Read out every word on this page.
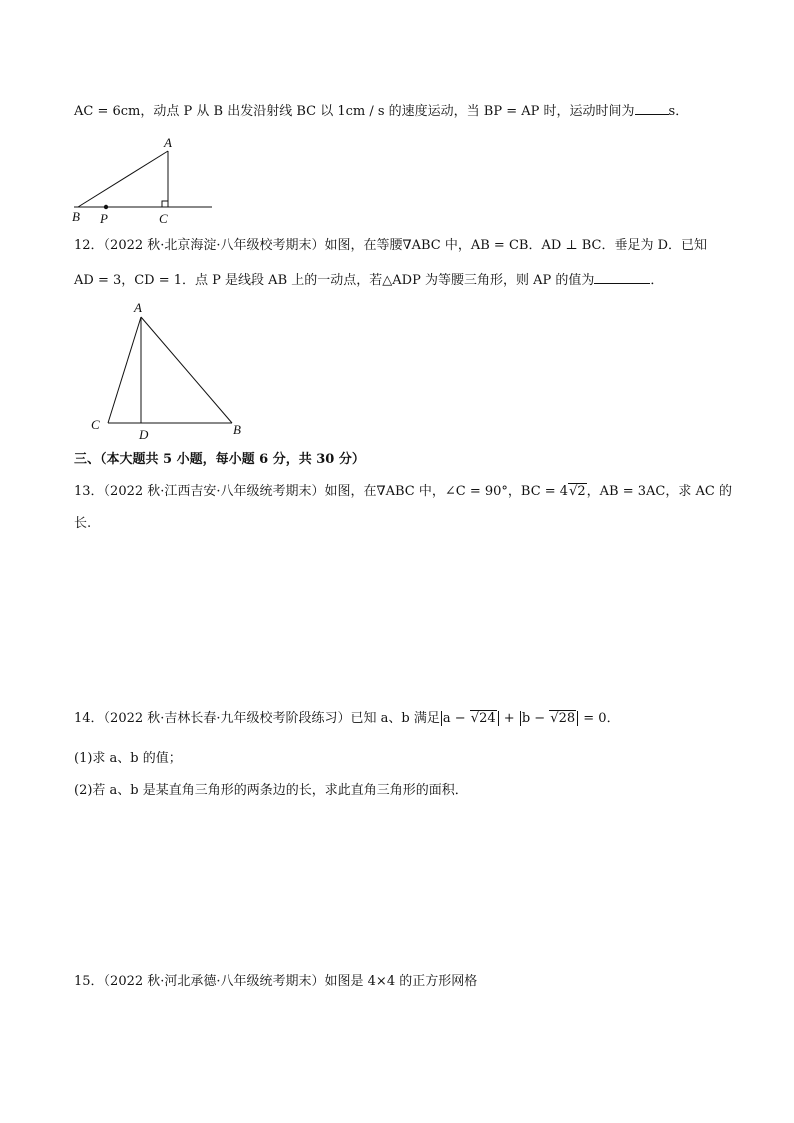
AC = 6cm，动点 P 从 B 出发沿射线 BC 以 1cm / s 的速度运动，当 BP = AP 时，运动时间为	s．
A
B P	C
12．（2022 秋·北京海淀·八年级校考期末）如图，在等腰∇ABC 中，AB = CB．AD ⊥ BC．垂足为 D．已知
AD = 3，CD = 1．点 P 是线段 AB 上的一动点，若△ADP 为等腰三角形，则 AP 的值为	．
A
C
D	B
三、（本大题共 5 小题，每小题 6 分，共 30 分）
13．（2022 秋·江西吉安·八年级统考期末）如图，在∇ABC 中，∠C = 90°，BC = 4√2，AB = 3AC，求 AC 的
长.
14．（2022 秋·吉林长春·九年级校考阶段练习）已知 a、b 满足 a − √24 + b − √28 = 0．
(1)求 a、b 的值；
(2)若 a、b 是某直角三角形的两条边的长，求此直角三角形的面积．
15．（2022 秋·河北承德·八年级统考期末）如图是 4×4 的正方形网格
